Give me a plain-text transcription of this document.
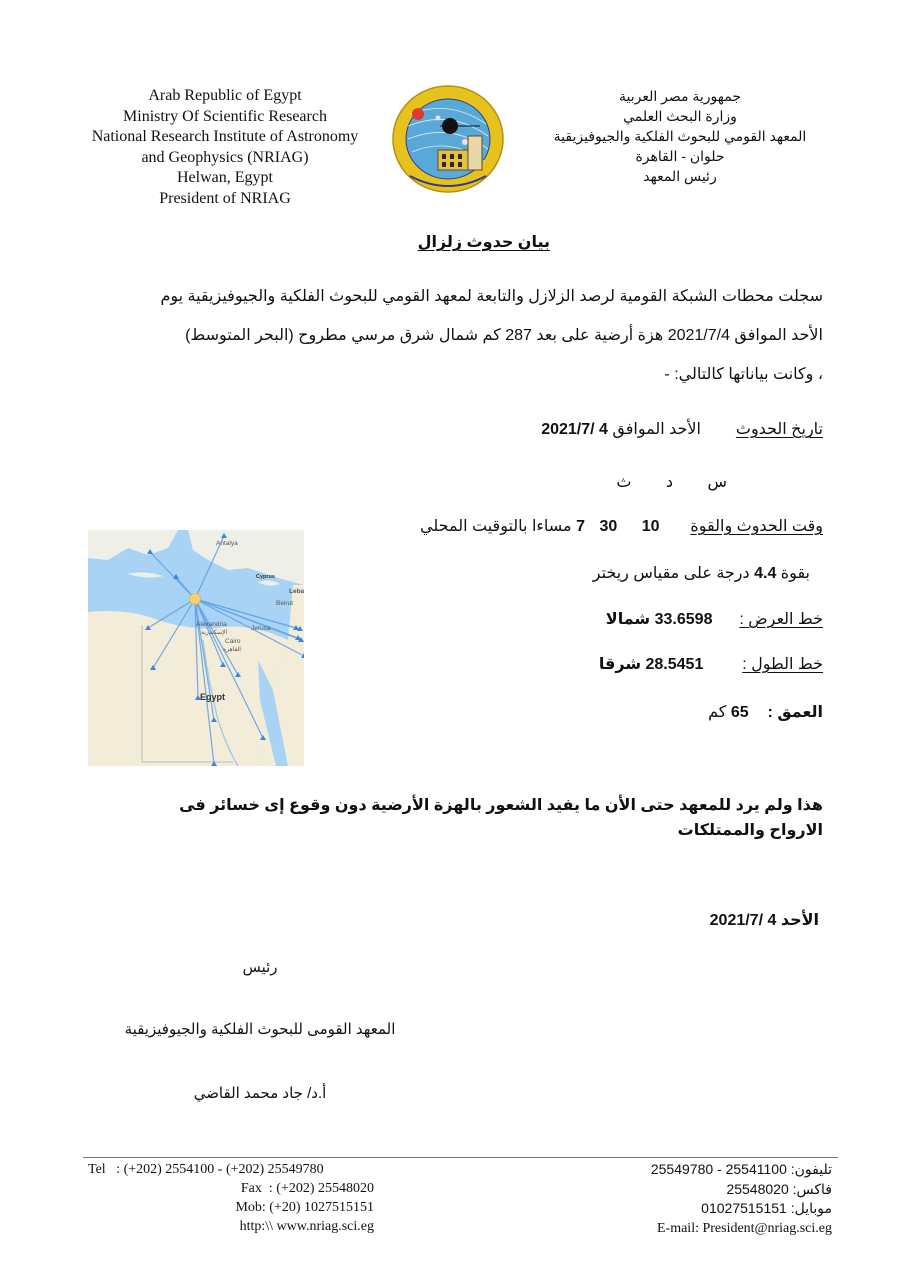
Arab Republic of Egypt
Ministry Of Scientific Research
National Research Institute of Astronomy
and Geophysics (NRIAG)
Helwan, Egypt
President of NRIAG
جمهورية مصر العربية
وزارة البحث العلمي
المعهد القومي للبحوث الفلكية والجيوفيزيقية
حلوان - القاهرة
رئيس المعهد
بيان حدوث زلزال
سجلت محطات الشبكة القومية لرصد الزلازل والتابعة لمعهد القومي للبحوث الفلكية والجيوفيزيقية يوم
الأحد الموافق 2021/7/4 هزة أرضية على بعد 287 كم شمال شرق مرسي مطروح (البحر المتوسط)
، وكانت بياناتها كالتالي: -
تاريخ الحدوث  الأحد الموافق 2021/7/ 4
ث د س
وقت الحدوث والقوة  10 30 7 مساءا بالتوقيت المحلي
بقوة 4.4 درجة على مقياس ريختر
خط العرض :  33.6598 شمالا
خط الطول :  28.5451 شرقا
العمق :  65 كم
Antalya
Cyprus
Leba
Beirut
Alexandria
الإسكندرية
Jerusa
Cairo
القاهرة
Egypt
هذا ولم يرد للمعهد حتى الأن ما يفيد الشعور بالهزة الأرضية دون وقوع إى خسائر فى الارواح والممتلكات
الأحد 4 /2021/7
رئيس
المعهد القومى للبحوث الفلكية والجيوفيزيقية
أ.د/ جاد محمد القاضي
Tel   : (+202) 2554100 - (+202) 25549780
Fax  : (+202) 25548020
Mob: (+20) 1027515151
http:\\ www.nriag.sci.eg
تليفون: 25541100 - 25549780
فاكس: 25548020
موبايل: 01027515151
E-mail: President@nriag.sci.eg
